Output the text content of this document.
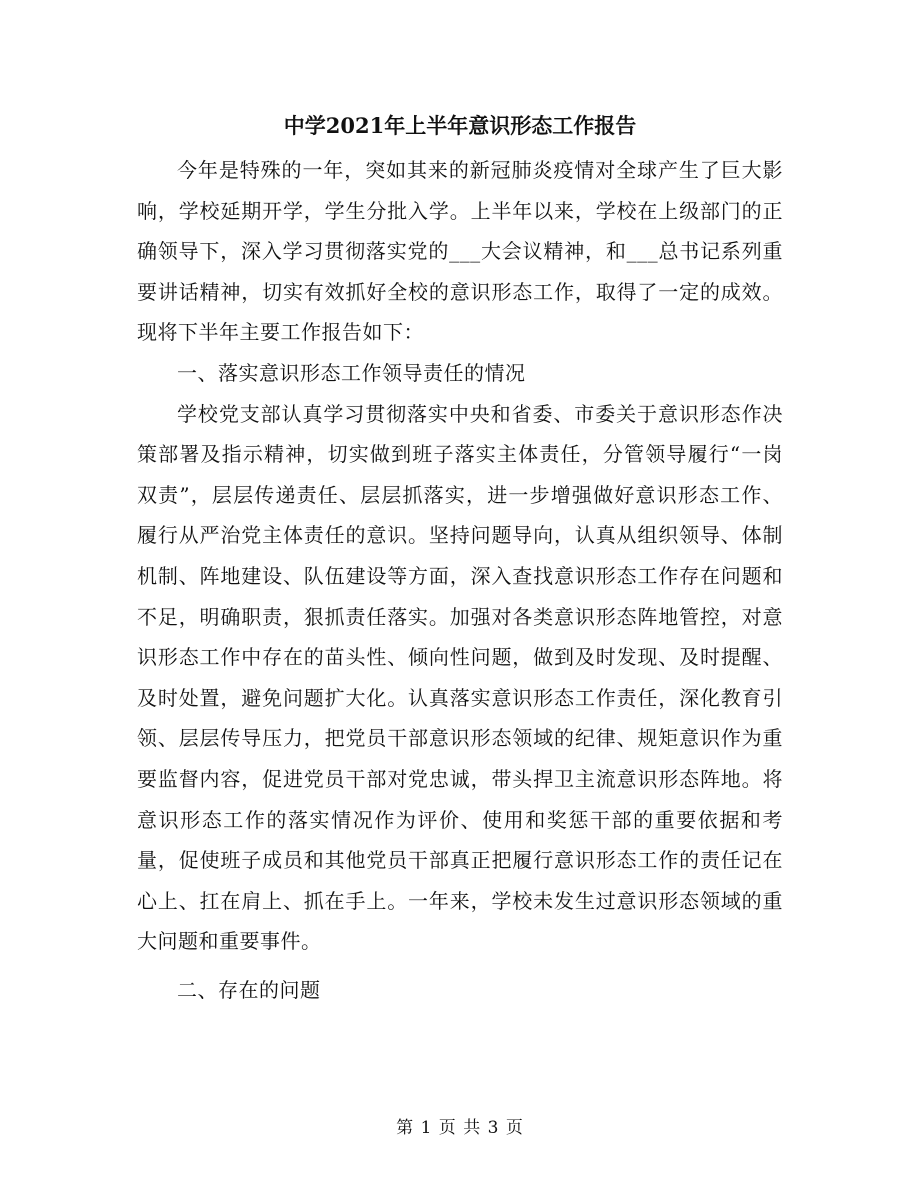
中学2021年上半年意识形态工作报告

今年是特殊的一年，突如其来的新冠肺炎疫情对全球产生了巨大影响，学校延期开学，学生分批入学。上半年以来，学校在上级部门的正确领导下，深入学习贯彻落实党的___大会议精神，和___总书记系列重要讲话精神，切实有效抓好全校的意识形态工作，取得了一定的成效。现将下半年主要工作报告如下：

一、落实意识形态工作领导责任的情况

学校党支部认真学习贯彻落实中央和省委、市委关于意识形态作决策部署及指示精神，切实做到班子落实主体责任，分管领导履行“一岗双责”，层层传递责任、层层抓落实，进一步增强做好意识形态工作、履行从严治党主体责任的意识。坚持问题导向，认真从组织领导、体制机制、阵地建设、队伍建设等方面，深入查找意识形态工作存在问题和不足，明确职责，狠抓责任落实。加强对各类意识形态阵地管控，对意识形态工作中存在的苗头性、倾向性问题，做到及时发现、及时提醒、及时处置，避免问题扩大化。认真落实意识形态工作责任，深化教育引领、层层传导压力，把党员干部意识形态领域的纪律、规矩意识作为重要监督内容，促进党员干部对党忠诚，带头捍卫主流意识形态阵地。将意识形态工作的落实情况作为评价、使用和奖惩干部的重要依据和考量，促使班子成员和其他党员干部真正把履行意识形态工作的责任记在心上、扛在肩上、抓在手上。一年来，学校未发生过意识形态领域的重大问题和重要事件。

二、存在的问题

第 1 页 共 3 页
